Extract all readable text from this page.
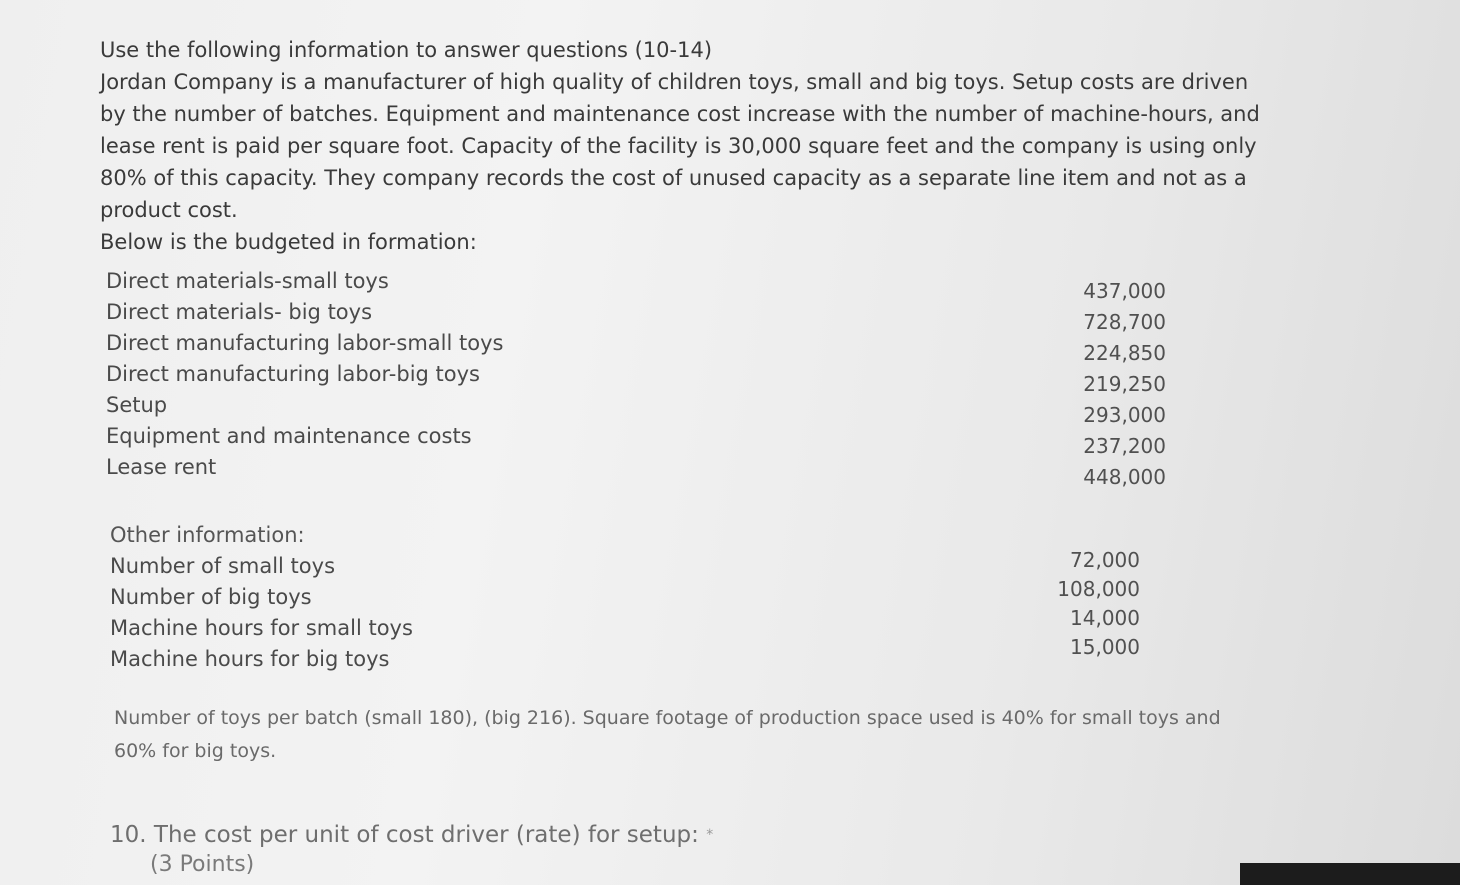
Use the following information to answer questions (10-14)

Jordan Company is a manufacturer of high quality of children toys, small and big toys. Setup costs are driven by the number of batches. Equipment and maintenance cost increase with the number of machine-hours, and lease rent is paid per square foot. Capacity of the facility is 30,000 square feet and the company is using only 80% of this capacity. They company records the cost of unused capacity as a separate line item and not as a product cost.

Below is the budgeted in formation:

Direct materials-small toys	437,000
Direct materials- big toys	728,700
Direct manufacturing labor-small toys	224,850
Direct manufacturing labor-big toys	219,250
Setup	293,000
Equipment and maintenance costs	237,200
Lease rent	448,000
Other information:
Number of small toys	72,000
Number of big toys	108,000
Machine hours for small toys	14,000
Machine hours for big toys	15,000
Number of toys per batch (small 180), (big 216). Square footage of production space used is 40% for small toys and 60% for big toys.
10. The cost per unit of cost driver (rate) for setup: *
(3 Points)
